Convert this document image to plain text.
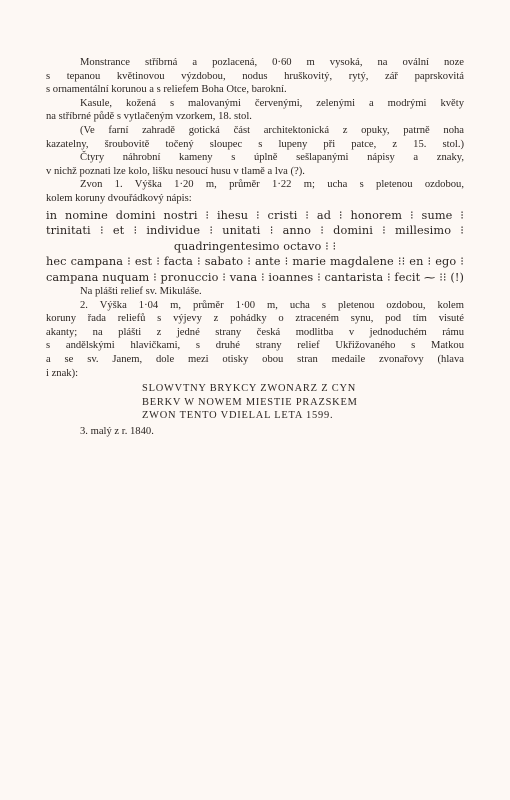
Monstrance stříbrná a pozlacená, 0·60 m vysoká, na ovální noze

s tepanou květinovou výzdobou, nodus hruškovitý, rytý, zář paprskovitá

s ornamentální korunou a s reliefem Boha Otce, barokní.

Kasule, kožená s malovanými červenými, zelenými a modrými květy

na stříbrné půdě s vytlačeným vzorkem, 18. stol.

(Ve farní zahradě gotická část architektonická z opuky, patrně noha

kazatelny, šroubovitě točený sloupec s lupeny při patce, z 15. stol.)

Čtyry náhrobní kameny s úplně sešlapanými nápisy a znaky,

v nichž poznati lze kolo, lišku nesoucí husu v tlamě a lva (?).

Zvon 1. Výška 1·20 m, průměr 1·22 m; ucha s pletenou ozdobou,

kolem koruny dvouřádkový nápis:

in nomine domini nostri ⁝ ihesu ⁝ cristi ⁝ ad ⁝ honorem ⁝ sume ⁝

trinitati ⁝ et ⁝ individue ⁝ unitati ⁝ anno ⁝ domini ⁝ millesimo ⁝

quadringentesimo octavo ⁝ ⁝

hec campana ⁝ est ⁝ facta ⁝ sabato ⁝ ante ⁝ marie magdalene ⁝⁝ en ⁝ ego ⁝

campana nuquam ⁝ pronuccio ⁝ vana ⁝ ioannes ⁝ cantarista ⁝ fecit ⁓ ⁝⁝ (!)

Na plášti relief sv. Mikuláše.

2. Výška 1·04 m, průměr 1·00 m, ucha s pletenou ozdobou, kolem

koruny řada reliefů s výjevy z pohádky o ztraceném synu, pod tím visuté

akanty; na plášti z jedné strany česká modlitba v jednoduchém rámu

s andělskými hlavičkami, s druhé strany relief Ukřižovaného s Matkou

a se sv. Janem, dole mezi otisky obou stran medaile zvonařovy (hlava

i znak):

SLOWVTNY BRYKCY ZWONARZ Z CYN
BERKV W NOWEM MIESTIE PRAZSKEM
ZWON TENTO VDIELAL LETA 1599.

3. malý z r. 1840.
